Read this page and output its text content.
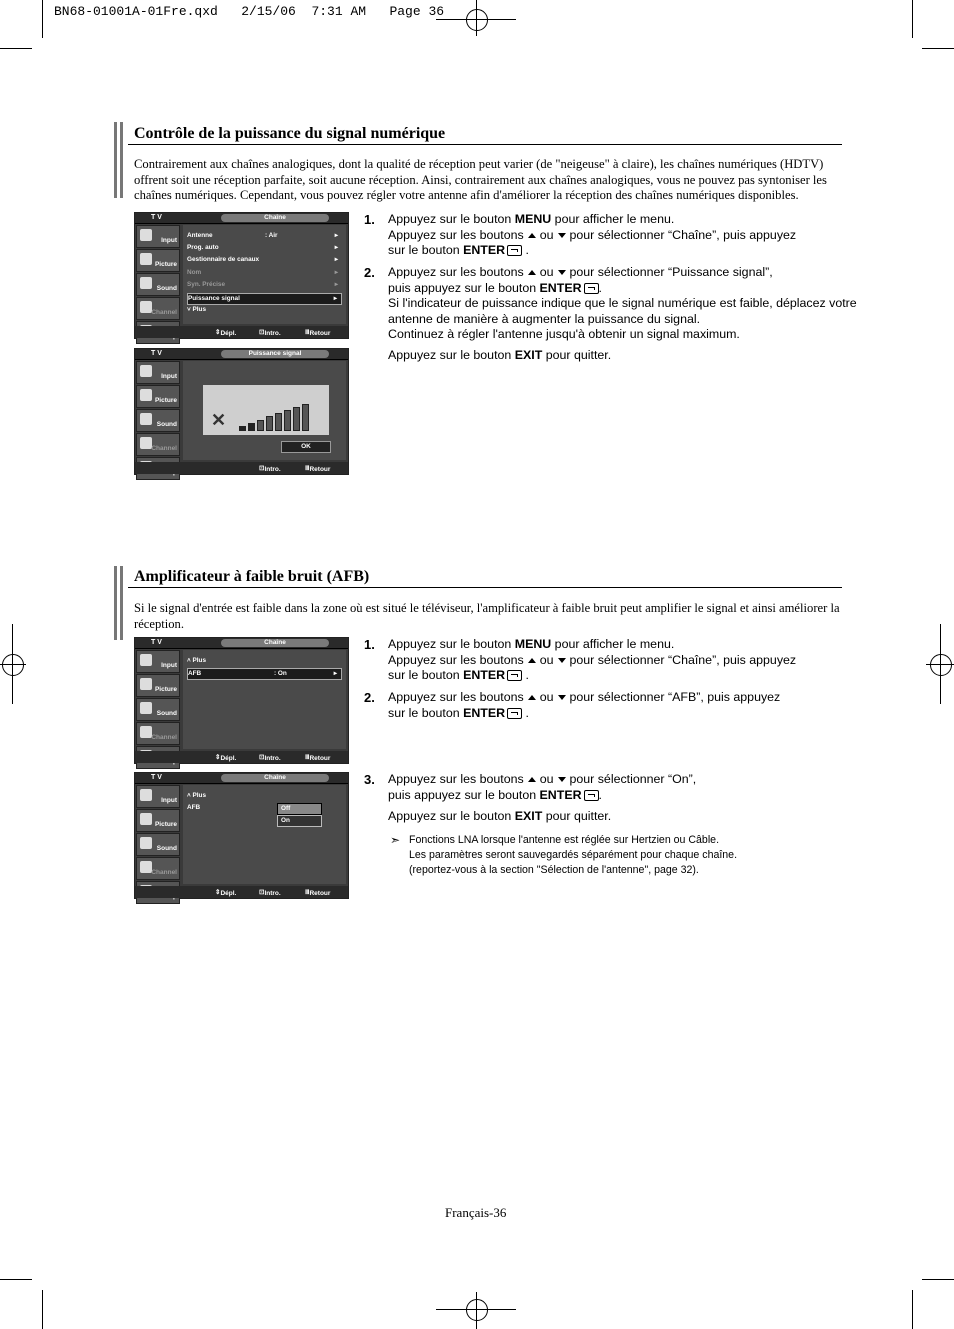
BN68-01001A-01Fre.qxd   2/15/06  7:31 AM   Page 36
Contrôle de la puissance du signal numérique
Contrairement aux chaînes analogiques, dont la qualité de réception peut varier (de "neigeuse" à claire), les chaînes numériques (HDTV) offrent soit une réception parfaite, soit aucune réception. Ainsi, contrairement aux chaînes analogiques, vous ne pouvez pas syntoniser les chaînes numériques. Cependant, vous pouvez régler votre antenne afin d'améliorer la réception des chaînes numériques disponibles.
T V	Chaîne
Input
Picture
Sound
Channel
Antenne	: Air	▸
Prog. auto	▸
Gestionnaire de canaux	▸
Nom	▸
Syn. Précise	▸
Puissance signal	▸
˅ Plus
⇕ Dépl.	⊡ Intro.	Ⅲ Retour
T V	Puissance signal
Input
Picture
Sound
Channel
✕
OK
⊡ Intro.	Ⅲ Retour
1. Appuyez sur le bouton MENU pour afficher le menu.
Appuyez sur les boutons ou pour sélectionner “Chaîne”, puis appuyez
sur le bouton ENTER .
2. Appuyez sur les boutons ou pour sélectionner “Puissance signal”,
puis appuyez sur le bouton ENTER .
Si l'indicateur de puissance indique que le signal numérique est faible, déplacez votre
antenne de manière à augmenter la puissance du signal.
Continuez à régler l'antenne jusqu'à obtenir un signal maximum.
Appuyez sur le bouton EXIT pour quitter.
Amplificateur à faible bruit (AFB)
Si le signal d'entrée est faible dans la zone où est situé le téléviseur, l'amplificateur à faible bruit peut amplifier le signal et ainsi améliorer la réception.
T V	Chaîne
Input
Picture
Sound
Channel
˄ Plus
AFB	: On	▸
⇕ Dépl.	⊡ Intro.	Ⅲ Retour
T V	Chaîne
Input
Picture
Sound
Channel
˄ Plus
AFB	Off
On
⇕ Dépl.	⊡ Intro.	Ⅲ Retour
1. Appuyez sur le bouton MENU pour afficher le menu.
Appuyez sur les boutons ou pour sélectionner “Chaîne”, puis appuyez
sur le bouton ENTER .
2. Appuyez sur les boutons ou pour sélectionner “AFB”, puis appuyez
sur le bouton ENTER .
3. Appuyez sur les boutons ou pour sélectionner “On”,
puis appuyez sur le bouton ENTER .
Appuyez sur le bouton EXIT pour quitter.
➣ Fonctions LNA lorsque l'antenne est réglée sur Hertzien ou Câble.
Les paramètres seront sauvegardés séparément pour chaque chaîne.
(reportez-vous à la section "Sélection de l'antenne", page 32).
Français-36
